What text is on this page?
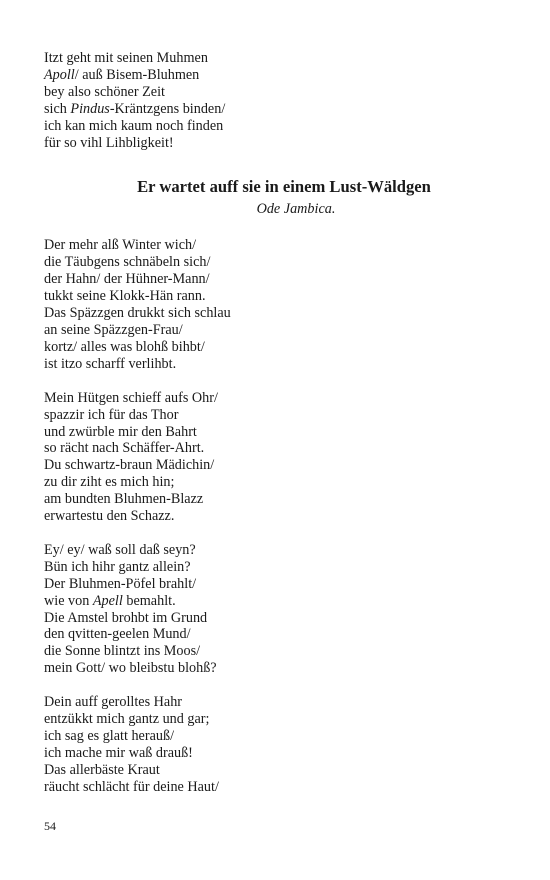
Itzt geht mit seinen Muhmen
Apoll/ auß Bisem-Bluhmen
bey also schöner Zeit
sich Pindus-Kräntzgens binden/
ich kan mich kaum noch finden
für so vihl Lihbligkeit!
Er wartet auff sie in einem Lust-Wäldgen
Ode Jambica.
Der mehr alß Winter wich/
die Täubgens schnäbeln sich/
der Hahn/ der Hühner-Mann/
tukkt seine Klokk-Hän rann.
Das Späzzgen drukkt sich schlau
an seine Späzzgen-Frau/
kortz/ alles was blohß bihbt/
ist itzo scharff verlihbt.
Mein Hütgen schieff aufs Ohr/
spazzir ich für das Thor
und zwürble mir den Bahrt
so rächt nach Schäffer-Ahrt.
Du schwartz-braun Mädichin/
zu dir ziht es mich hin;
am bundten Bluhmen-Blazz
erwartestu den Schazz.
Ey/ ey/ waß soll daß seyn?
Bün ich hihr gantz allein?
Der Bluhmen-Pöfel brahlt/
wie von Apell bemahlt.
Die Amstel brohbt im Grund
den qvitten-geelen Mund/
die Sonne blintzt ins Moos/
mein Gott/ wo bleibstu blohß?
Dein auff gerolltes Hahr
entzükkt mich gantz und gar;
ich sag es glatt herauß/
ich mache mir waß drauß!
Das allerbäste Kraut
räucht schlächt für deine Haut/
54
